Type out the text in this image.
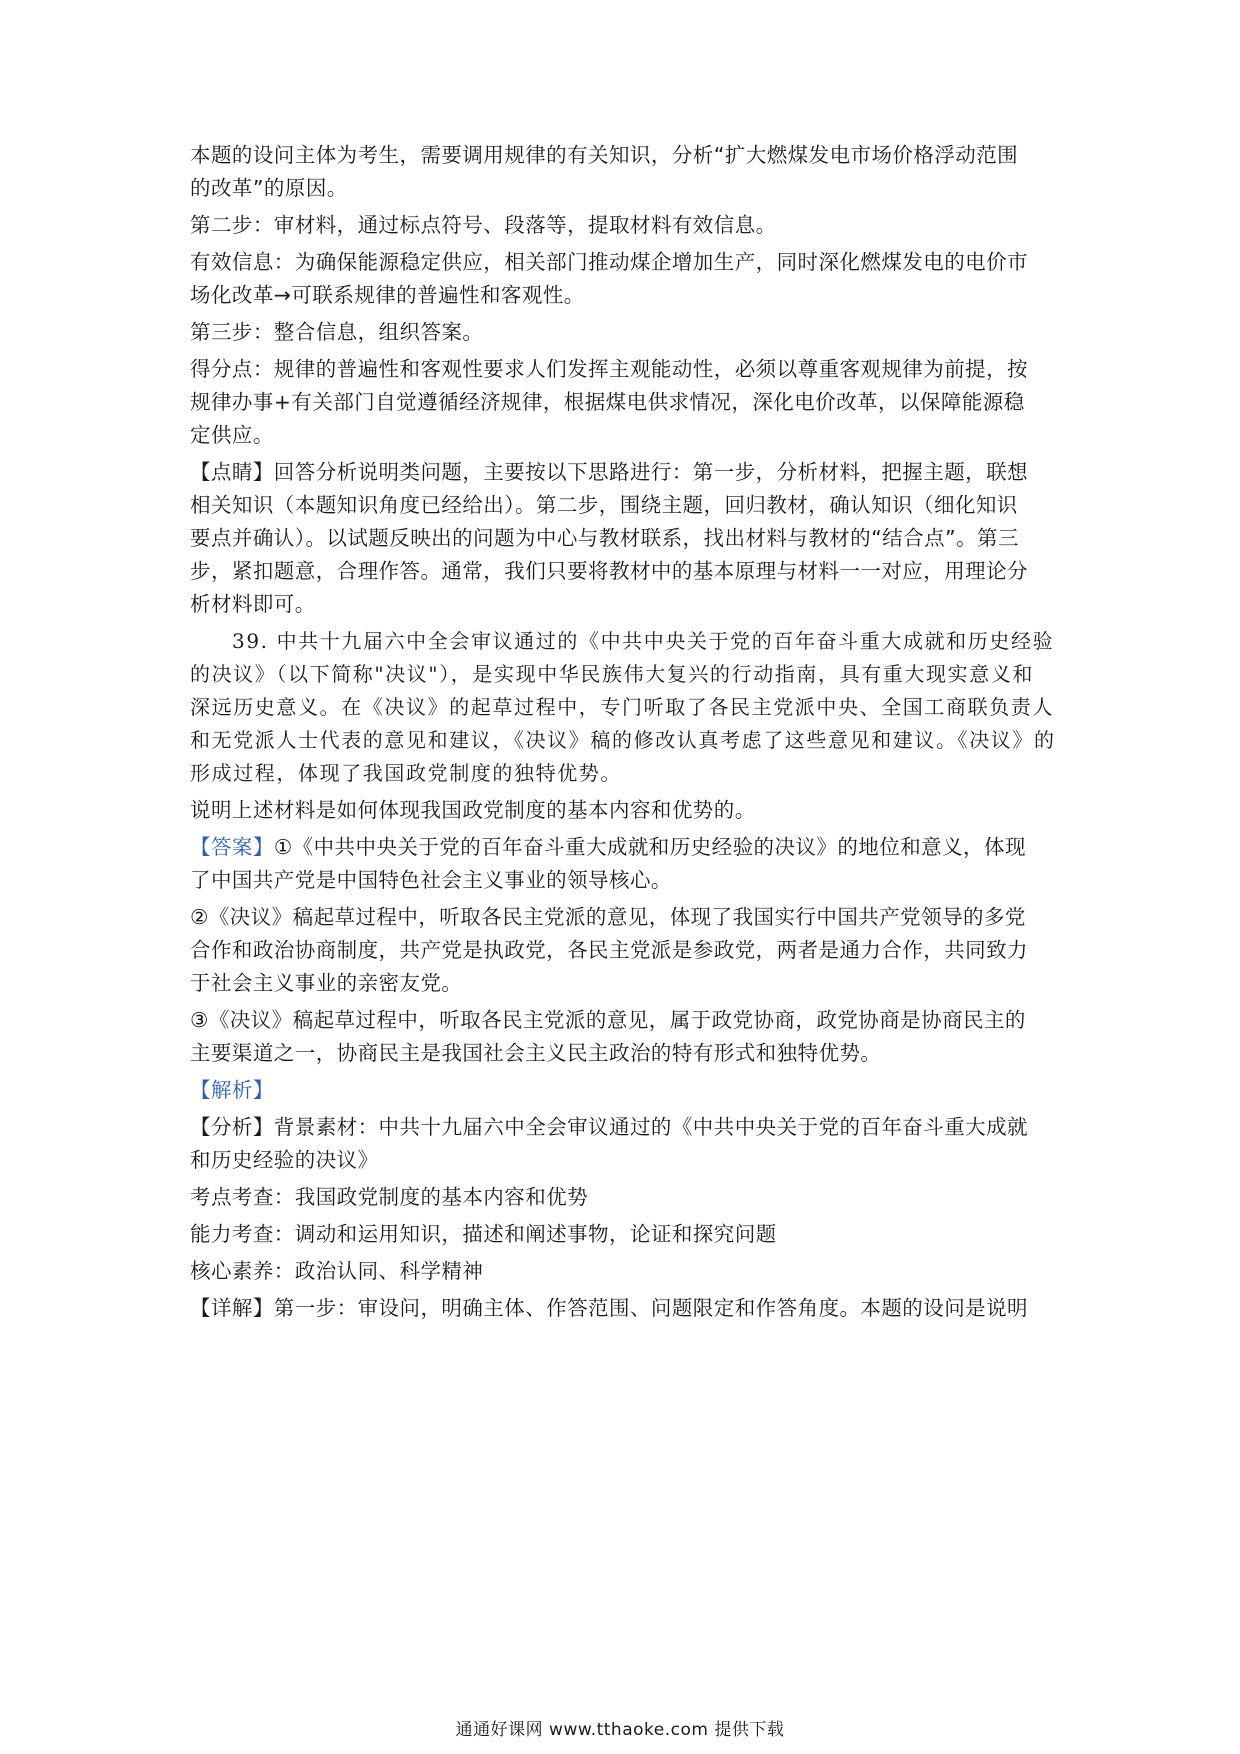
本题的设问主体为考生，需要调用规律的有关知识，分析“扩大燃煤发电市场价格浮动范围

的改革”的原因。

第二步：审材料，通过标点符号、段落等，提取材料有效信息。

有效信息：为确保能源稳定供应，相关部门推动煤企增加生产，同时深化燃煤发电的电价市

场化改革→可联系规律的普遍性和客观性。

第三步：整合信息，组织答案。

得分点：规律的普遍性和客观性要求人们发挥主观能动性，必须以尊重客观规律为前提，按

规律办事+有关部门自觉遵循经济规律，根据煤电供求情况，深化电价改革，以保障能源稳

定供应。

【点睛】回答分析说明类问题，主要按以下思路进行：第一步，分析材料，把握主题，联想

相关知识（本题知识角度已经给出）。第二步，围绕主题，回归教材，确认知识（细化知识

要点并确认）。以试题反映出的问题为中心与教材联系，找出材料与教材的“结合点”。第三

步，紧扣题意，合理作答。通常，我们只要将教材中的基本原理与材料一一对应，用理论分

析材料即可。

39. 中共十九届六中全会审议通过的《中共中央关于党的百年奋斗重大成就和历史经验

的决议》（以下简称"决议"），是实现中华民族伟大复兴的行动指南，具有重大现实意义和

深远历史意义。在《决议》的起草过程中，专门听取了各民主党派中央、全国工商联负责人

和无党派人士代表的意见和建议，《决议》稿的修改认真考虑了这些意见和建议。《决议》的

形成过程，体现了我国政党制度的独特优势。

说明上述材料是如何体现我国政党制度的基本内容和优势的。

【答案】①《中共中央关于党的百年奋斗重大成就和历史经验的决议》的地位和意义，体现

了中国共产党是中国特色社会主义事业的领导核心。

②《决议》稿起草过程中，听取各民主党派的意见，体现了我国实行中国共产党领导的多党

合作和政治协商制度，共产党是执政党，各民主党派是参政党，两者是通力合作，共同致力

于社会主义事业的亲密友党。

③《决议》稿起草过程中，听取各民主党派的意见，属于政党协商，政党协商是协商民主的

主要渠道之一，协商民主是我国社会主义民主政治的特有形式和独特优势。

【解析】

【分析】背景素材：中共十九届六中全会审议通过的《中共中央关于党的百年奋斗重大成就

和历史经验的决议》

考点考查：我国政党制度的基本内容和优势

能力考查：调动和运用知识，描述和阐述事物，论证和探究问题

核心素养：政治认同、科学精神

【详解】第一步：审设问，明确主体、作答范围、问题限定和作答角度。本题的设问是说明

通通好课网 www.tthaoke.com 提供下载
